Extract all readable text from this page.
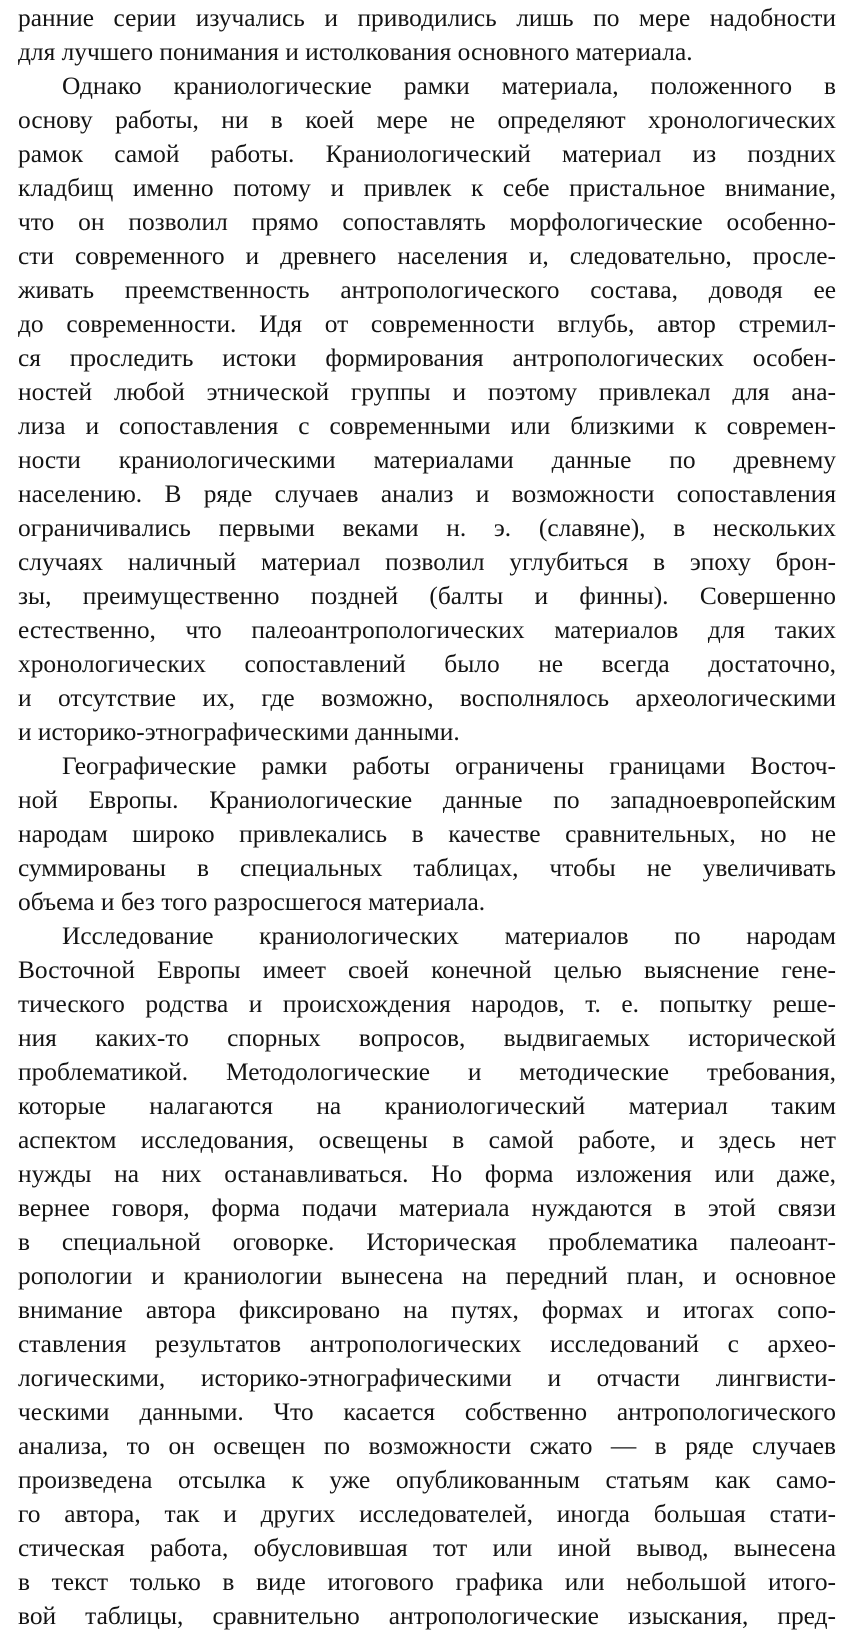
ранние серии изучались и приводились лишь по мере надобности
для лучшего понимания и истолкования основного материала.
Однако краниологические рамки материала, положенного в
основу работы, ни в коей мере не определяют хронологических
рамок самой работы. Краниологический материал из поздних
кладбищ именно потому и привлек к себе пристальное внимание,
что он позволил прямо сопоставлять морфологические особенно-
сти современного и древнего населения и, следовательно, просле-
живать преемственность антропологического состава, доводя ее
до современности. Идя от современности вглубь, автор стремил-
ся проследить истоки формирования антропологических особен-
ностей любой этнической группы и поэтому привлекал для ана-
лиза и сопоставления с современными или близкими к современ-
ности краниологическими материалами данные по древнему
населению. В ряде случаев анализ и возможности сопоставления
ограничивались первыми веками н. э. (славяне), в нескольких
случаях наличный материал позволил углубиться в эпоху брон-
зы, преимущественно поздней (балты и финны). Совершенно
естественно, что палеоантропологических материалов для таких
хронологических сопоставлений было не всегда достаточно,
и отсутствие их, где возможно, восполнялось археологическими
и историко-этнографическими данными.
Географические рамки работы ограничены границами Восточ-
ной Европы. Краниологические данные по западноевропейским
народам широко привлекались в качестве сравнительных, но не
суммированы в специальных таблицах, чтобы не увеличивать
объема и без того разросшегося материала.
Исследование краниологических материалов по народам
Восточной Европы имеет своей конечной целью выяснение гене-
тического родства и происхождения народов, т. е. попытку реше-
ния каких-то спорных вопросов, выдвигаемых исторической
проблематикой. Методологические и методические требования,
которые налагаются на краниологический материал таким
аспектом исследования, освещены в самой работе, и здесь нет
нужды на них останавливаться. Но форма изложения или даже,
вернее говоря, форма подачи материала нуждаются в этой связи
в специальной оговорке. Историческая проблематика палеоант-
ропологии и краниологии вынесена на передний план, и основное
внимание автора фиксировано на путях, формах и итогах сопо-
ставления результатов антропологических исследований с архео-
логическими, историко-этнографическими и отчасти лингвисти-
ческими данными. Что касается собственно антропологического
анализа, то он освещен по возможности сжато — в ряде случаев
произведена отсылка к уже опубликованным статьям как само-
го автора, так и других исследователей, иногда большая стати-
стическая работа, обусловившая тот или иной вывод, вынесена
в текст только в виде итогового графика или небольшой итого-
вой таблицы, сравнительно антропологические изыскания, пред-
